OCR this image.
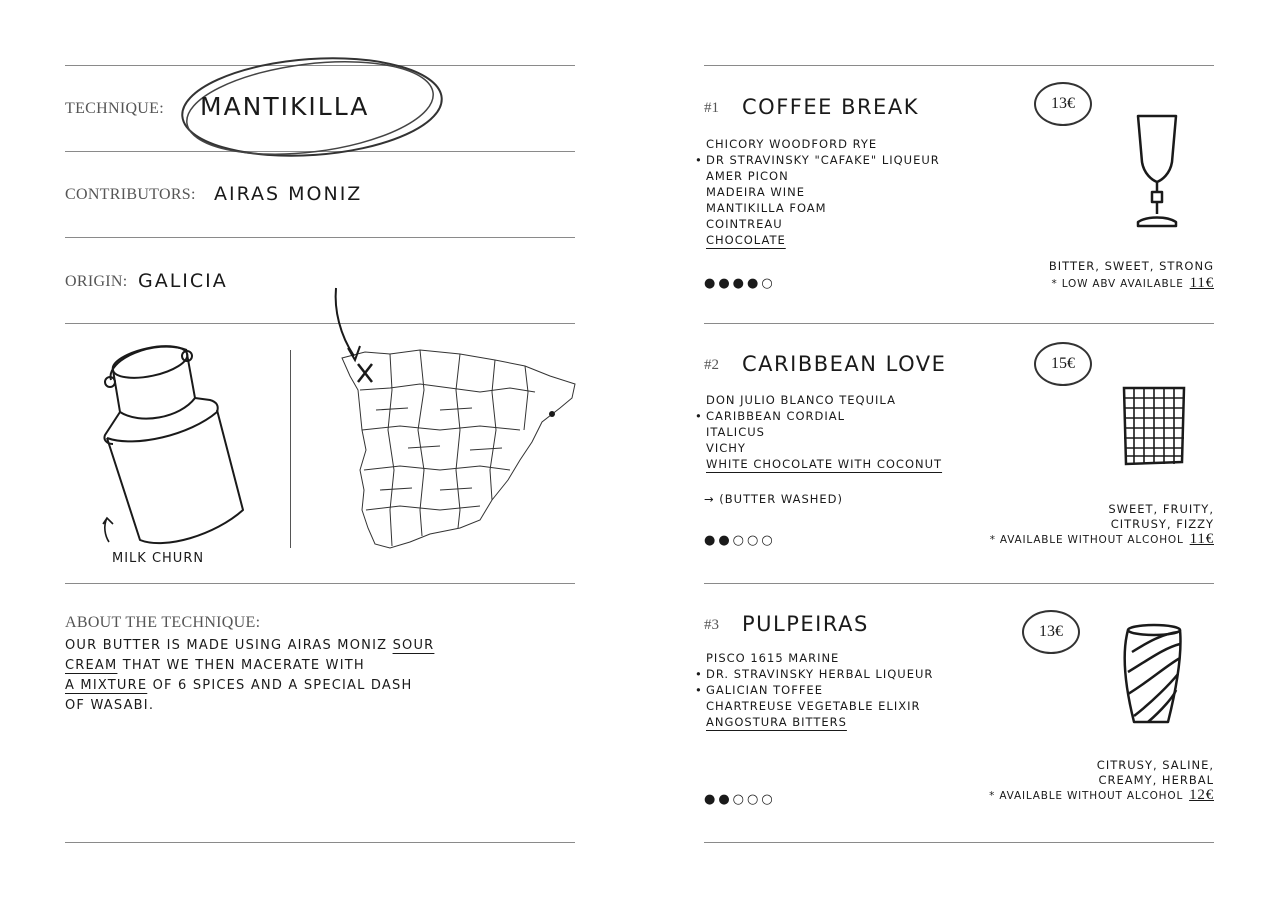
TECHNIQUE: MANTIKILLA
CONTRIBUTORS: AIRAS MONIZ
ORIGIN: GALICIA
MILK CHURN
ABOUT THE TECHNIQUE:
OUR BUTTER IS MADE USING AIRAS MONIZ SOUR
CREAM THAT WE THEN MACERATE WITH
A MIXTURE OF 6 SPICES AND A SPECIAL DASH
OF WASABI.
#1 COFFEE BREAK	13€
CHICORY WOODFORD RYE
• DR STRAVINSKY "CAFAKE" LIQUEUR
AMER PICON
MADEIRA WINE
MANTIKILLA FOAM
COINTREAU
CHOCOLATE
●●●●○
BITTER, SWEET, STRONG
* LOW ABV AVAILABLE 11€
#2 CARIBBEAN LOVE	15€
DON JULIO BLANCO TEQUILA
• CARIBBEAN CORDIAL
ITALICUS
VICHY
WHITE CHOCOLATE WITH COCONUT
→ (BUTTER WASHED)
●●○○○
SWEET, FRUITY,
CITRUSY, FIZZY
* AVAILABLE WITHOUT ALCOHOL 11€
#3 PULPEIRAS	13€
PISCO 1615 MARINE
• DR. STRAVINSKY HERBAL LIQUEUR
• GALICIAN TOFFEE
CHARTREUSE VEGETABLE ELIXIR
ANGOSTURA BITTERS
●●○○○
CITRUSY, SALINE,
CREAMY, HERBAL
* AVAILABLE WITHOUT ALCOHOL 12€
